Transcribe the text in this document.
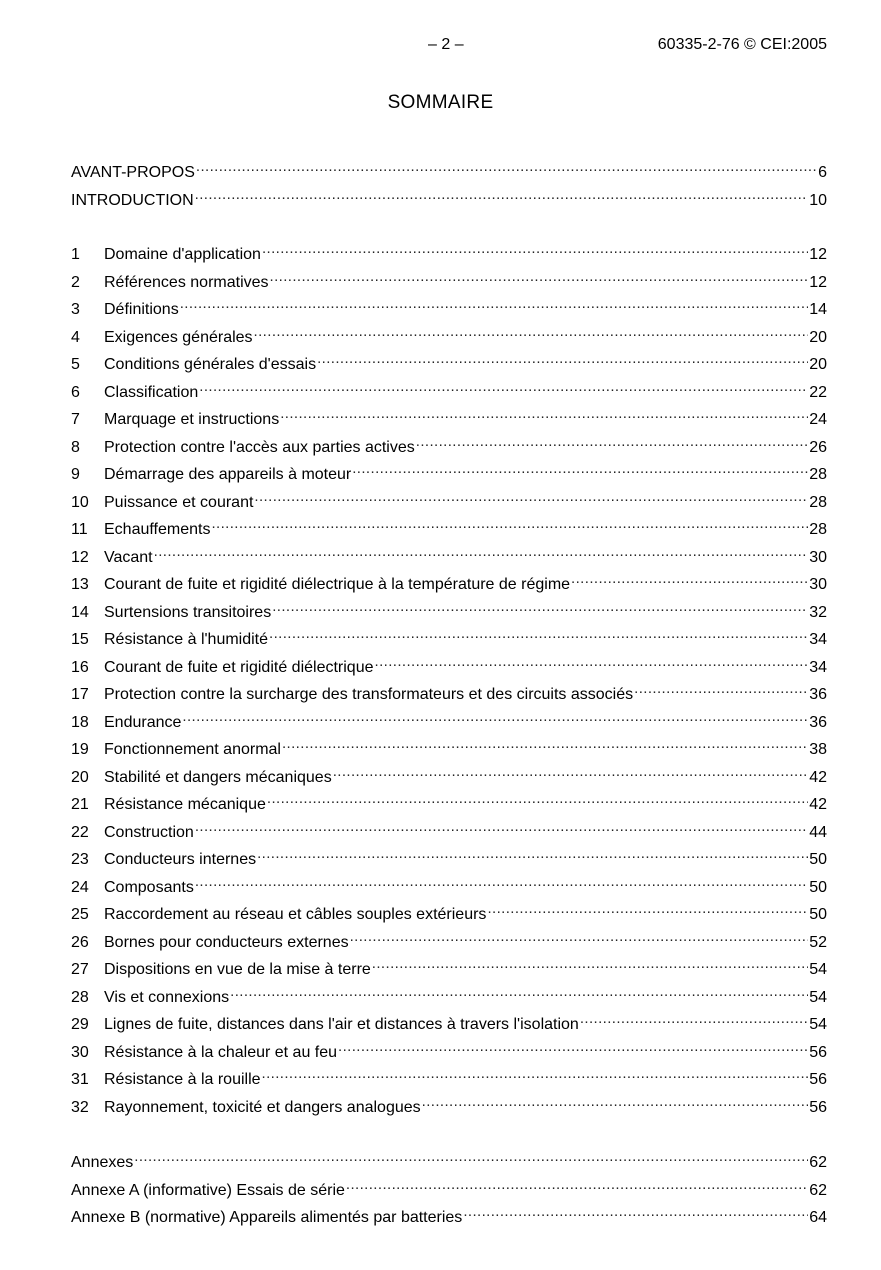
– 2 –	60335-2-76 © CEI:2005
SOMMAIRE
AVANT-PROPOS .....	6
INTRODUCTION .....	10
1	Domaine d'application .....	12
2	Références normatives .....	12
3	Définitions .....	14
4	Exigences générales .....	20
5	Conditions générales d'essais .....	20
6	Classification .....	22
7	Marquage et instructions .....	24
8	Protection contre l'accès aux parties actives .....	26
9	Démarrage des appareils à moteur .....	28
10 Puissance et courant .....	28
11	Echauffements .....	28
12 Vacant .....	30
13 Courant de fuite et rigidité diélectrique à la température de régime .....	30
14 Surtensions transitoires .....	32
15 Résistance à l'humidité .....	34
16 Courant de fuite et rigidité diélectrique .....	34
17 Protection contre la surcharge des transformateurs et des circuits associés .....	36
18 Endurance .....	36
19 Fonctionnement anormal .....	38
20 Stabilité et dangers mécaniques .....	42
21 Résistance mécanique .....	42
22 Construction .....	44
23 Conducteurs internes .....	50
24 Composants .....	50
25 Raccordement au réseau et câbles souples extérieurs .....	50
26 Bornes pour conducteurs externes .....	52
27 Dispositions en vue de la mise à terre .....	54
28 Vis et connexions .....	54
29 Lignes de fuite, distances dans l'air et distances à travers l'isolation .....	54
30 Résistance à la chaleur et au feu .....	56
31 Résistance à la rouille .....	56
32 Rayonnement, toxicité et dangers analogues .....	56
Annexes .....	62
Annexe A (informative) Essais de série .....	62
Annexe B (normative) Appareils alimentés par batteries .....	64
